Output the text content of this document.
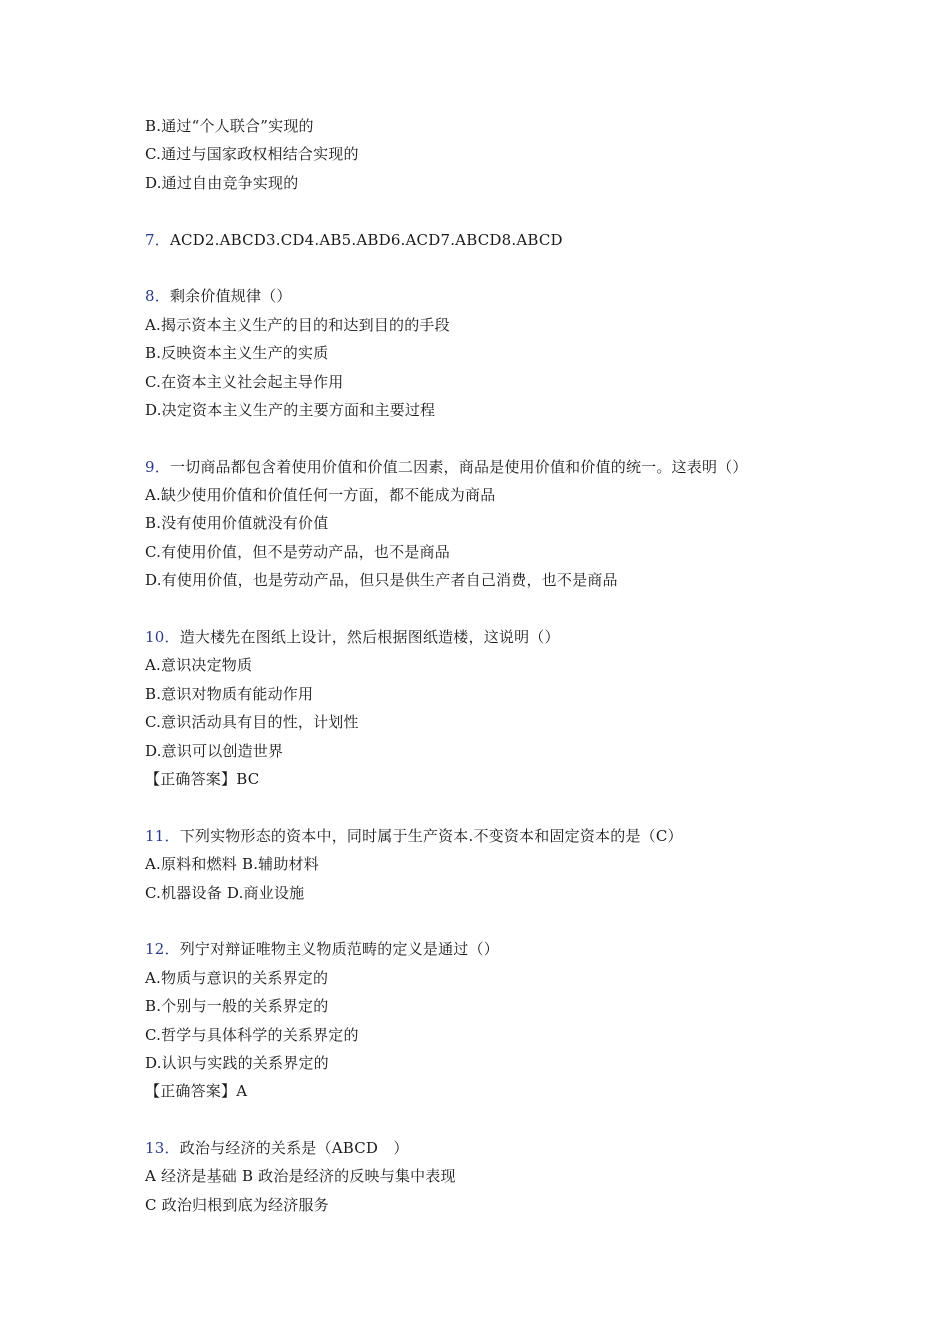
B.通过“个人联合”实现的
C.通过与国家政权相结合实现的
D.通过自由竞争实现的
7．ACD2.ABCD3.CD4.AB5.ABD6.ACD7.ABCD8.ABCD
8．剩余价值规律（）
A.揭示资本主义生产的目的和达到目的的手段
B.反映资本主义生产的实质
C.在资本主义社会起主导作用
D.决定资本主义生产的主要方面和主要过程
9．一切商品都包含着使用价值和价值二因素，商品是使用价值和价值的统一。这表明（）
A.缺少使用价值和价值任何一方面，都不能成为商品
B.没有使用价值就没有价值
C.有使用价值，但不是劳动产品，也不是商品
D.有使用价值，也是劳动产品，但只是供生产者自己消费，也不是商品
10．造大楼先在图纸上设计，然后根据图纸造楼，这说明（）
A.意识决定物质
B.意识对物质有能动作用
C.意识活动具有目的性，计划性
D.意识可以创造世界
【正确答案】BC
11．下列实物形态的资本中，同时属于生产资本.不变资本和固定资本的是（C）
A.原料和燃料 B.辅助材料
C.机器设备 D.商业设施
12．列宁对辩证唯物主义物质范畴的定义是通过（）
A.物质与意识的关系界定的
B.个别与一般的关系界定的
C.哲学与具体科学的关系界定的
D.认识与实践的关系界定的
【正确答案】A
13．政治与经济的关系是（ABCD　）
A 经济是基础 B 政治是经济的反映与集中表现
C 政治归根到底为经济服务
